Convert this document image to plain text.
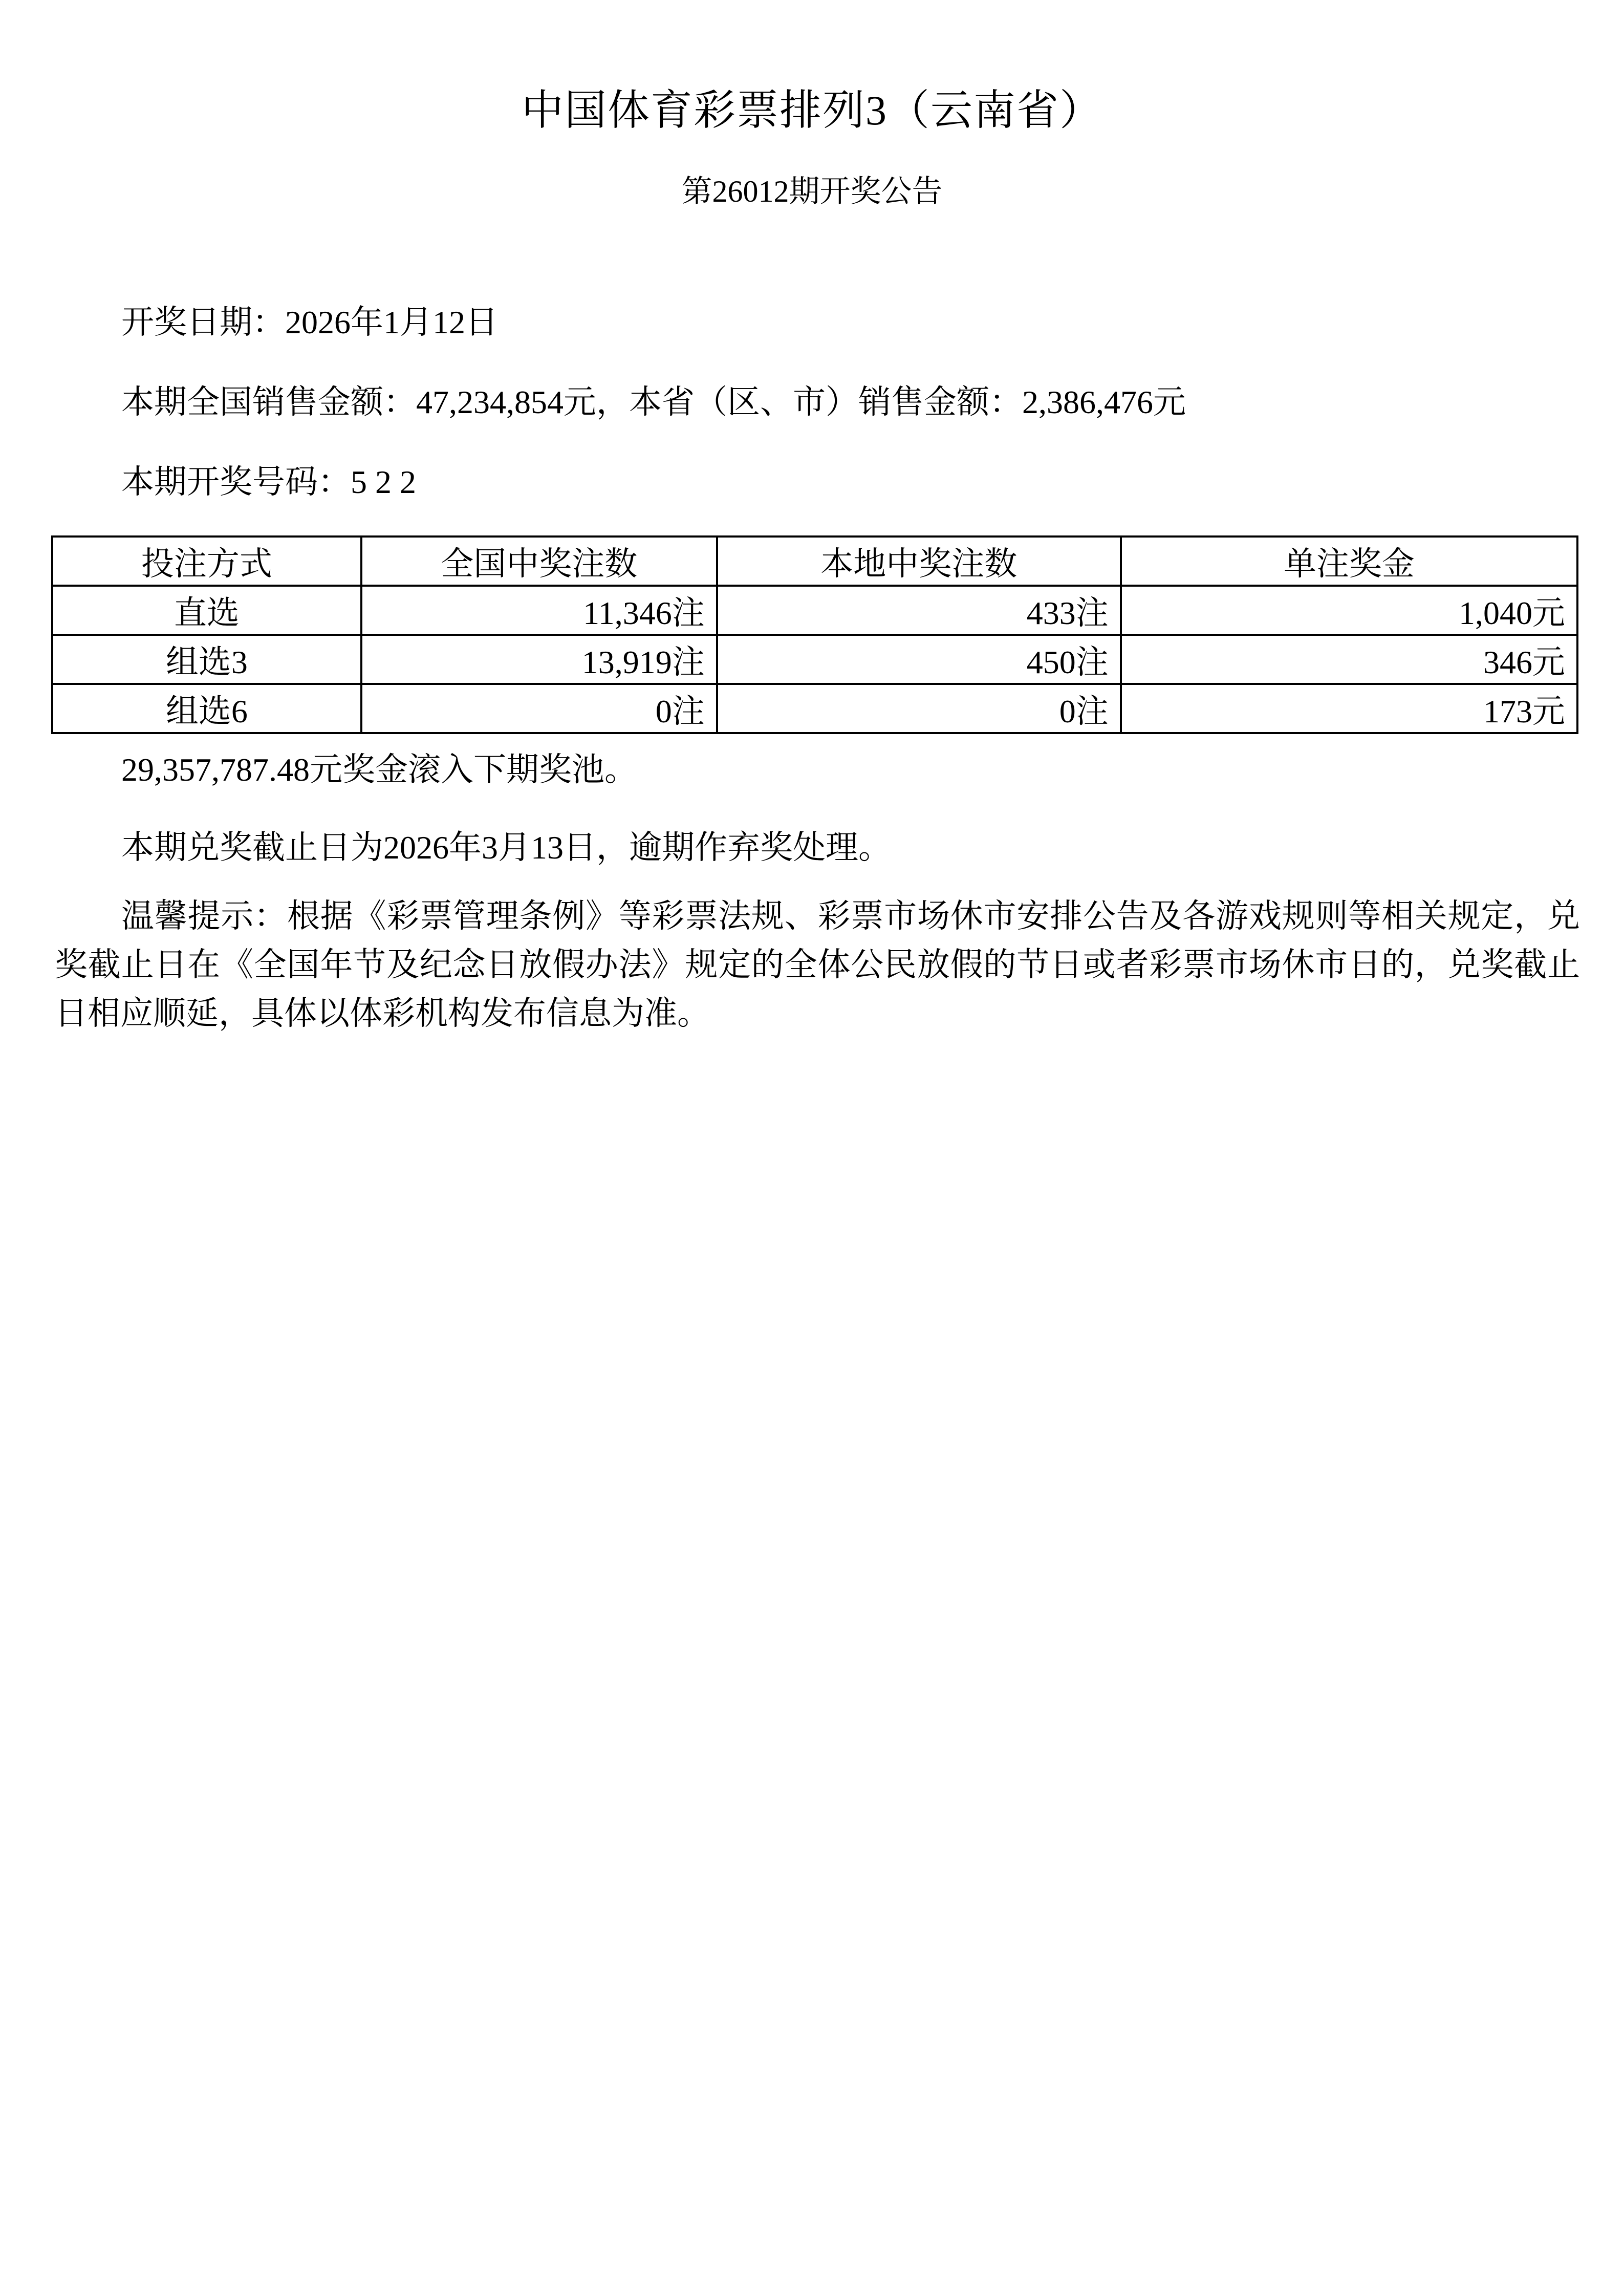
中国体育彩票排列3（云南省）
第26012期开奖公告

开奖日期：2026年1月12日

本期全国销售金额：47,234,854元，本省（区、市）销售金额：2,386,476元

本期开奖号码：5 2 2

投注方式	全国中奖注数	本地中奖注数	单注奖金
直选	11,346注	433注	1,040元
组选3	13,919注	450注	346元
组选6	0注	0注	173元

29,357,787.48元奖金滚入下期奖池。

本期兑奖截止日为2026年3月13日，逾期作弃奖处理。

温馨提示：根据《彩票管理条例》等彩票法规、彩票市场休市安排公告及各游戏规则等相关规定，兑奖截止日在《全国年节及纪念日放假办法》规定的全体公民放假的节日或者彩票市场休市日的，兑奖截止日相应顺延，具体以体彩机构发布信息为准。
